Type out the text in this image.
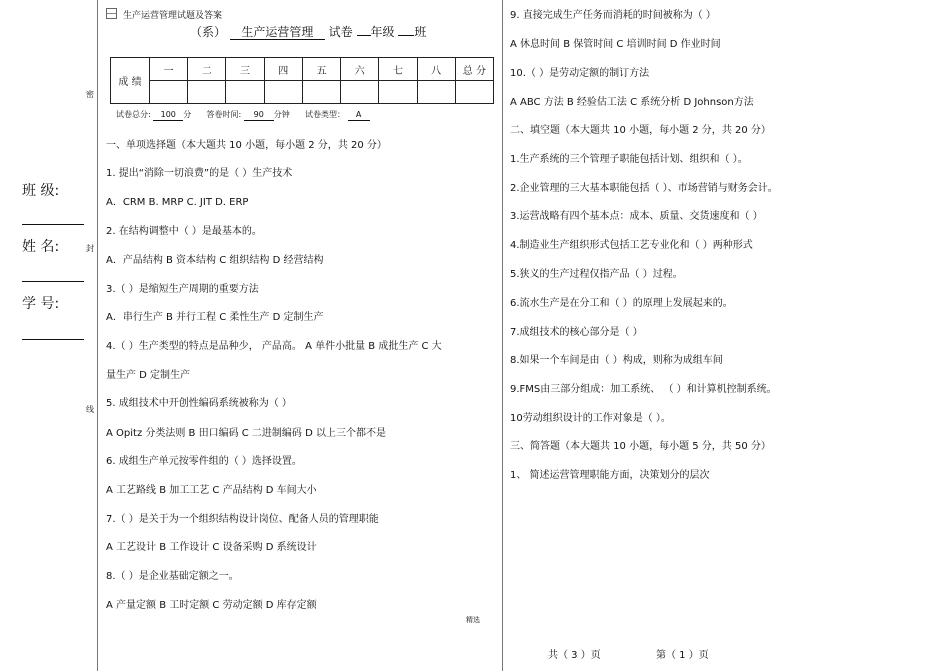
生产运营管理试题及答案
（系） 生产运营管理 试卷 年级 班
成 绩	一	二	三	四	五	六	七	八	总 分

试卷总分: 100 分 答卷时间: 90 分钟 试卷类型： A
密
封
线
班 级:
姓 名:
学 号:
一、单项选择题（本大题共 10 小题，每小题 2 分，共 20 分）
1. 提出“消除一切浪费”的是（ ）生产技术
A．CRM B. MRP C. JIT D. ERP
2. 在结构调整中（ ）是最基本的。
A．产品结构 B 资本结构 C 组织结构 D 经营结构
3.（ ）是缩短生产周期的重要方法
A．串行生产 B 并行工程 C 柔性生产 D 定制生产
4.（ ）生产类型的特点是品种少， 产品高。 A 单件小批量 B 成批生产 C 大
量生产 D 定制生产
5. 成组技术中开创性编码系统被称为（ ）
A Opitz 分类法则 B 田口编码 C 二进制编码 D 以上三个都不是
6. 成组生产单元按零件组的（ ）选择设置。
A 工艺路线 B 加工工艺 C 产品结构 D 车间大小
7.（ ）是关于为一个组织结构设计岗位、配备人员的管理职能
A 工艺设计 B 工作设计 C 设备采购 D 系统设计
8.（ ）是企业基础定额之一。
A 产量定额 B 工时定额 C 劳动定额 D 库存定额
精选
9. 直接完成生产任务而消耗的时间被称为（ ）
A 休息时间 B 保管时间 C 培训时间 D 作业时间
10.（ ）是劳动定额的制订方法
A ABC 方法 B 经验估工法 C 系统分析 D Johnson方法
二、填空题（本大题共 10 小题，每小题 2 分，共 20 分）
1.生产系统的三个管理子职能包括计划、组织和（ ）。
2.企业管理的三大基本职能包括（ ）、市场营销与财务会计。
3.运营战略有四个基本点：成本、质量、交货速度和（ ）
4.制造业生产组织形式包括工艺专业化和（ ）两种形式
5.狭义的生产过程仅指产品（ ）过程。
6.流水生产是在分工和（ ）的原理上发展起来的。
7.成组技术的核心部分是（ ）
8.如果一个车间是由（ ）构成，则称为成组车间
9.FMS由三部分组成：加工系统、 （ ）和计算机控制系统。
10劳动组织设计的工作对象是（ ）。
三、简答题（本大题共 10 小题，每小题 5 分，共 50 分）
1、 简述运营管理职能方面，决策划分的层次
共（ 3 ）页	第（ 1 ）页
